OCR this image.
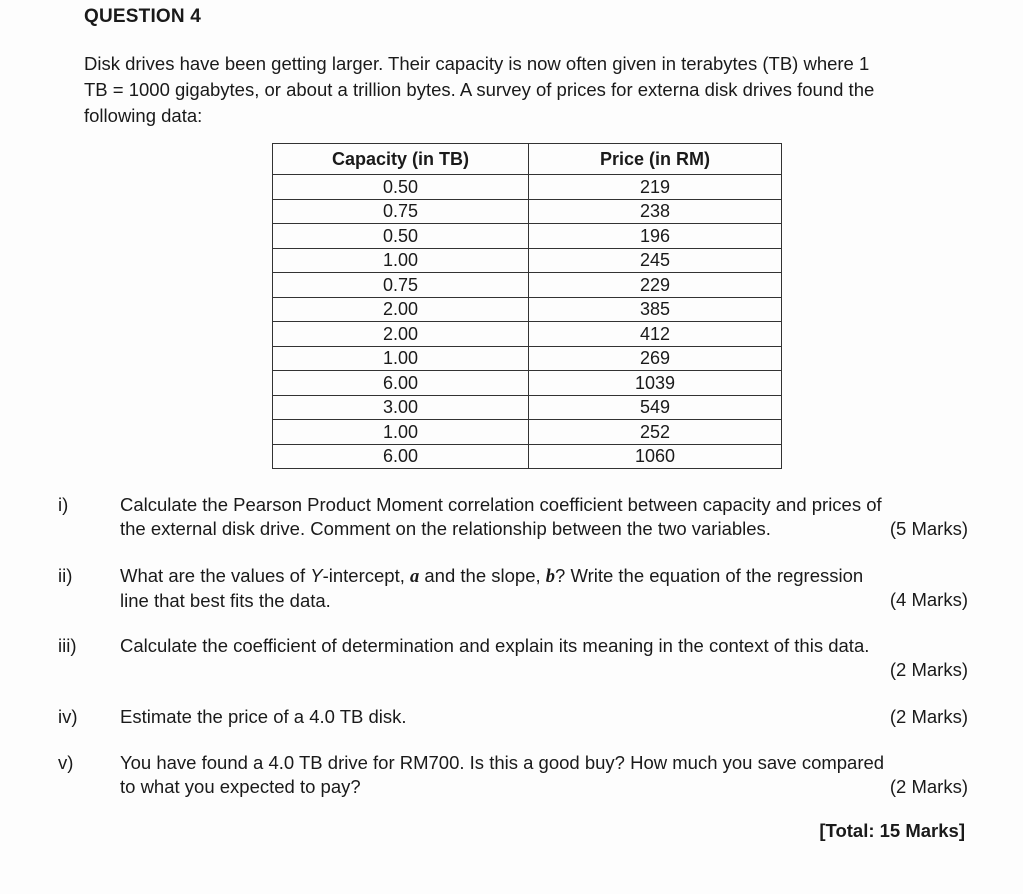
QUESTION 4
Disk drives have been getting larger. Their capacity is now often given in terabytes (TB) where 1
TB = 1000 gigabytes, or about a trillion bytes. A survey of prices for externa disk drives found the
following data:
Capacity (in TB)	Price (in RM)
0.50	219
0.75	238
0.50	196
1.00	245
0.75	229
2.00	385
2.00	412
1.00	269
6.00	1039
3.00	549
1.00	252
6.00	1060
i)	Calculate the Pearson Product Moment correlation coefficient between capacity and prices of
the external disk drive. Comment on the relationship between the two variables.	(5 Marks)
ii)	What are the values of Y-intercept, a and the slope, b? Write the equation of the regression
line that best fits the data.	(4 Marks)
iii)	Calculate the coefficient of determination and explain its meaning in the context of this data.
(2 Marks)
iv)	Estimate the price of a 4.0 TB disk.	(2 Marks)
v)	You have found a 4.0 TB drive for RM700. Is this a good buy? How much you save compared
to what you expected to pay?	(2 Marks)
[Total: 15 Marks]
